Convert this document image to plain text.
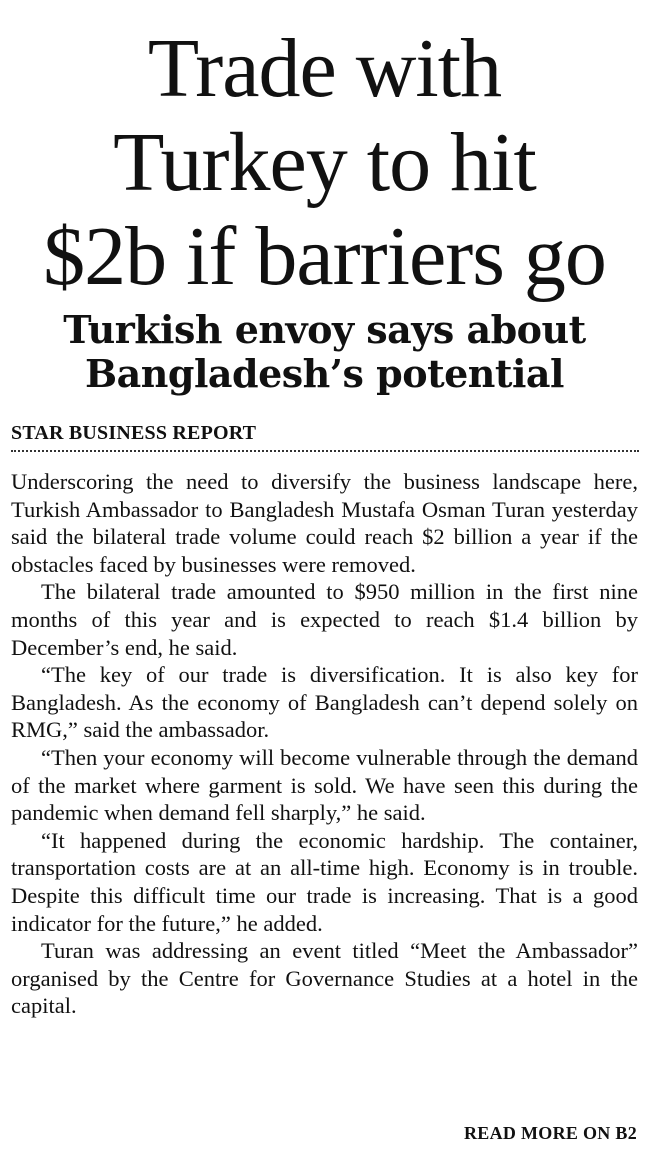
Trade with
Turkey to hit
$2b if barriers go
Turkish envoy says about
Bangladesh’s potential
STAR BUSINESS REPORT

Underscoring the need to diversify the business landscape here, Turkish Ambassador to Bangladesh Mustafa Osman Turan yesterday said the bilateral trade volume could reach $2 billion a year if the obstacles faced by businesses were removed.

The bilateral trade amounted to $950 million in the first nine months of this year and is expected to reach $1.4 billion by December’s end, he said.

“The key of our trade is diversification. It is also key for Bangladesh. As the economy of Bangladesh can’t depend solely on RMG,” said the ambassador.

“Then your economy will become vulnerable through the demand of the market where garment is sold. We have seen this during the pandemic when demand fell sharply,” he said.

“It happened during the economic hardship. The container, transportation costs are at an all-time high. Economy is in trouble. Despite this difficult time our trade is increasing. That is a good indicator for the future,” he added.

Turan was addressing an event titled “Meet the Ambassador” organised by the Centre for Governance Studies at a hotel in the capital.

READ MORE ON B2
